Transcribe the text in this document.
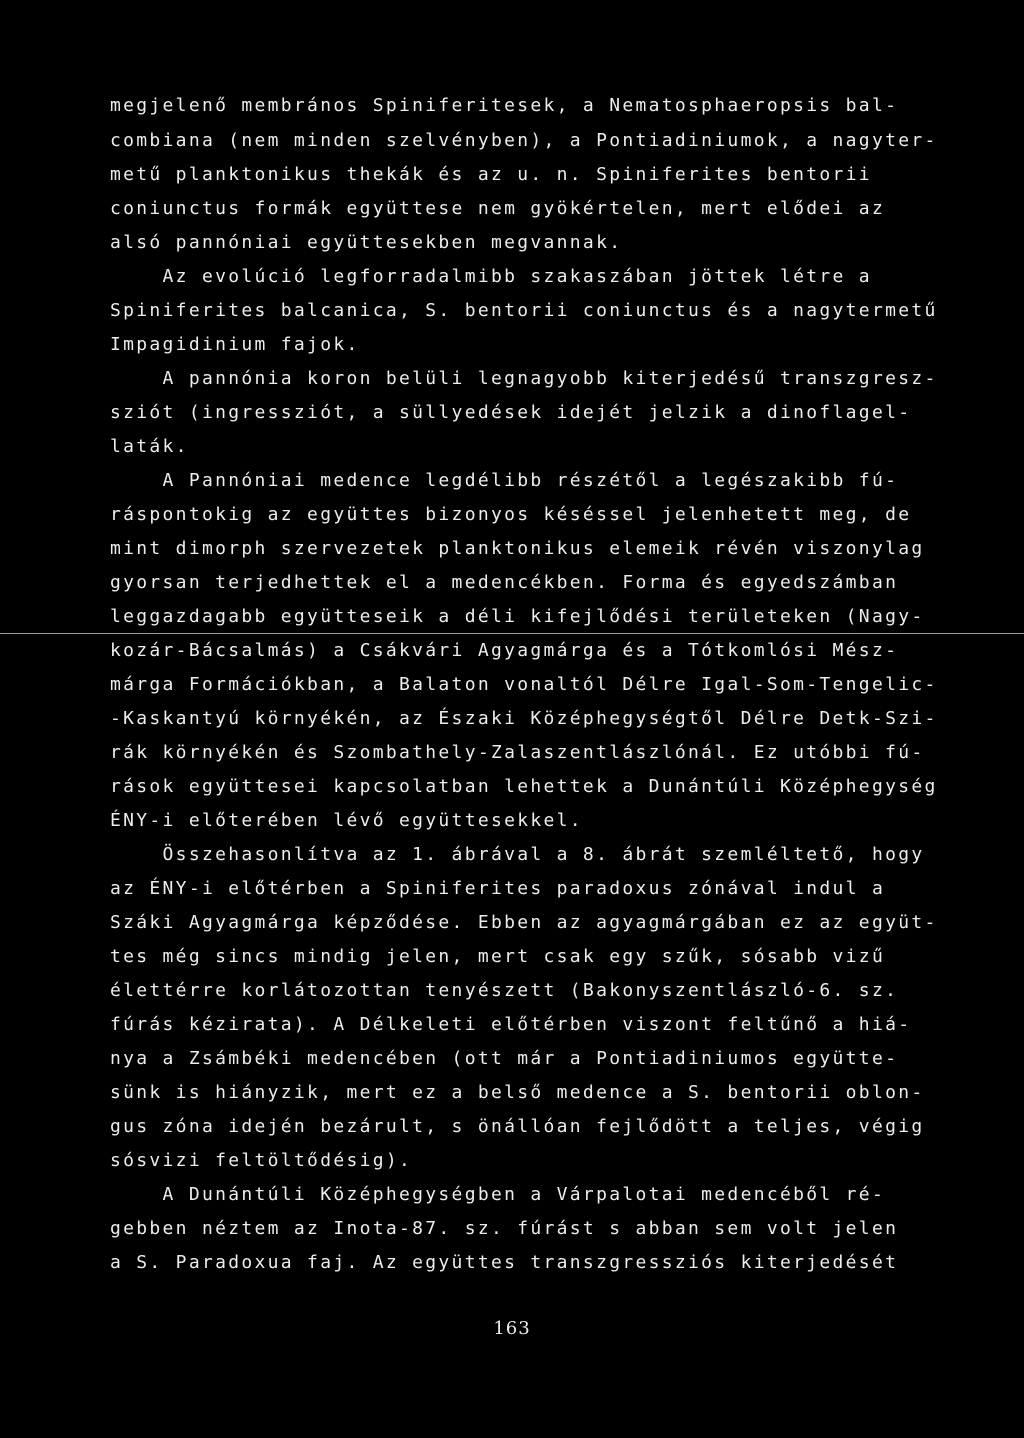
megjelenő membrános Spiniferitesek, a Nematosphaeropsis bal-
combiana (nem minden szelvényben), a Pontiadiniumok, a nagyter-
metű planktonikus thekák és az u. n. Spiniferites bentorii
coniunctus formák együttese nem gyökértelen, mert elődei az
alsó pannóniai együttesekben megvannak.
Az evolúció legforradalmibb szakaszában jöttek létre a
Spiniferites balcanica, S. bentorii coniunctus és a nagytermetű
Impagidinium fajok.
A pannónia koron belüli legnagyobb kiterjedésű transzgresz-
sziót (ingressziót, a süllyedések idejét jelzik a dinoflagel-
laták.
A Pannóniai medence legdélibb részétől a legészakibb fú-
ráspontokig az együttes bizonyos késéssel jelenhetett meg, de
mint dimorph szervezetek planktonikus elemeik révén viszonylag
gyorsan terjedhettek el a medencékben. Forma és egyedszámban
leggazdagabb együtteseik a déli kifejlődési területeken (Nagy-
kozár-Bácsalmás) a Csákvári Agyagmárga és a Tótkomlósi Mész-
márga Formációkban, a Balaton vonaltól Délre Igal-Som-Tengelic-
-Kaskantyú környékén, az Északi Középhegységtől Délre Detk-Szi-
rák környékén és Szombathely-Zalaszentlászlónál. Ez utóbbi fú-
rások együttesei kapcsolatban lehettek a Dunántúli Középhegység
ÉNY-i előterében lévő együttesekkel.
Összehasonlítva az 1. ábrával a 8. ábrát szemléltető, hogy
az ÉNY-i előtérben a Spiniferites paradoxus zónával indul a
Száki Agyagmárga képződése. Ebben az agyagmárgában ez az együt-
tes még sincs mindig jelen, mert csak egy szűk, sósabb vizű
élettérre korlátozottan tenyészett (Bakonyszentlászló-6. sz.
fúrás kézirata). A Délkeleti előtérben viszont feltűnő a hiá-
nya a Zsámbéki medencében (ott már a Pontiadiniumos együtte-
sünk is hiányzik, mert ez a belső medence a S. bentorii oblon-
gus zóna idején bezárult, s önállóan fejlődött a teljes, végig
sósvizi feltöltődésig).
A Dunántúli Középhegységben a Várpalotai medencéből ré-
gebben néztem az Inota-87. sz. fúrást s abban sem volt jelen
a S. Paradoxua faj. Az együttes transzgressziós kiterjedését
163
